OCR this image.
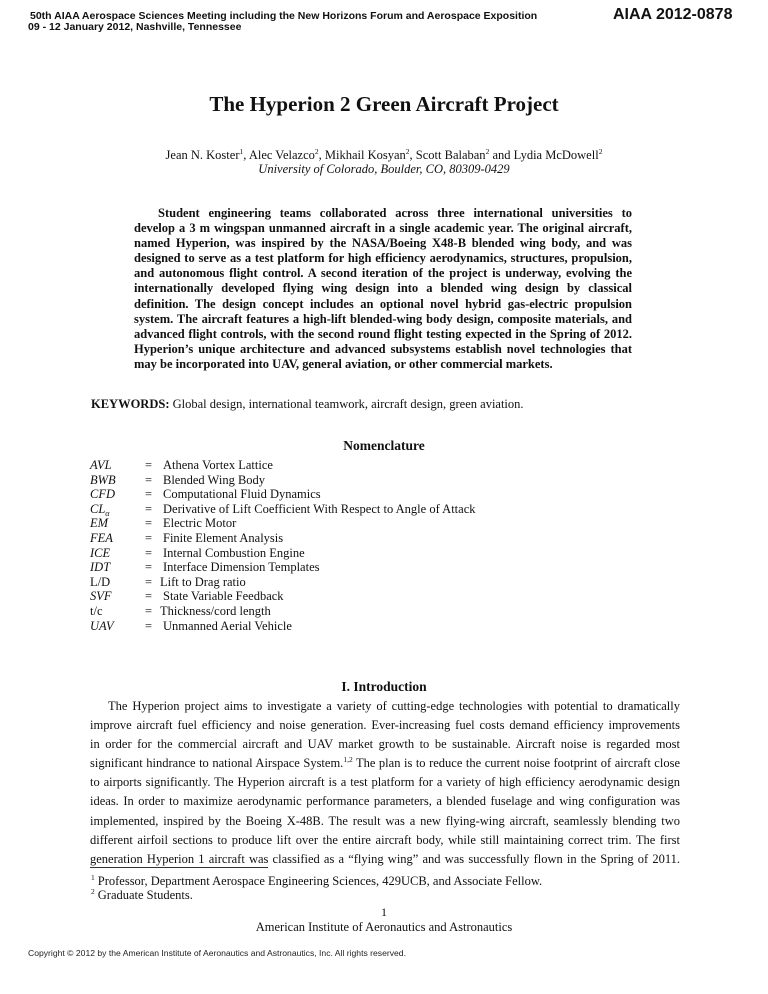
50th AIAA Aerospace Sciences Meeting including the New Horizons Forum and Aerospace Exposition
09 - 12 January 2012, Nashville, Tennessee
AIAA 2012-0878
The Hyperion 2 Green Aircraft Project
Jean N. Koster$^1$, Alec Velazco$^2$, Mikhail Kosyan$^2$, Scott Balaban$^2$ and Lydia McDowell$^2$
University of Colorado, Boulder, CO, 80309-0429
Student engineering teams collaborated across three international universities to
develop a 3 m wingspan unmanned aircraft in a single academic year. The original aircraft,
named Hyperion, was inspired by the NASA/Boeing X48-B blended wing body, and was
designed to serve as a test platform for high efficiency aerodynamics, structures, propulsion,
and autonomous flight control. A second iteration of the project is underway, evolving the
internationally developed flying wing design into a blended wing design by classical
definition. The design concept includes an optional novel hybrid gas-electric propulsion
system. The aircraft features a high-lift blended-wing body design, composite materials, and
advanced flight controls, with the second round flight testing expected in the Spring of 2012.
Hyperion’s unique architecture and advanced subsystems establish novel technologies that
may be incorporated into UAV, general aviation, or other commercial markets.
KEYWORDS: Global design, international teamwork, aircraft design, green aviation.
Nomenclature
AVL	= Athena Vortex Lattice
BWB = Blended Wing Body
CFD = Computational Fluid Dynamics
$CL_\alpha$	= Derivative of Lift Coefficient With Respect to Angle of Attack
EM	= Electric Motor
FEA	= Finite Element Analysis
ICE	= Internal Combustion Engine
IDT	= Interface Dimension Templates
L/D	= Lift to Drag ratio
SVF	= State Variable Feedback
t/c	= Thickness/cord length
UAV	= Unmanned Aerial Vehicle
I. Introduction
The Hyperion project aims to investigate a variety of cutting-edge technologies with potential to dramatically
improve aircraft fuel efficiency and noise generation. Ever-increasing fuel costs demand efficiency improvements
in order for the commercial aircraft and UAV market growth to be sustainable. Aircraft noise is regarded most
significant hindrance to national Airspace System.$^{1,2}$ The plan is to reduce the current noise footprint of aircraft close
to airports significantly. The Hyperion aircraft is a test platform for a variety of high efficiency aerodynamic design
ideas. In order to maximize aerodynamic performance parameters, a blended fuselage and wing configuration was
implemented, inspired by the Boeing X-48B. The result was a new flying-wing aircraft, seamlessly blending two
different airfoil sections to produce lift over the entire aircraft body, while still maintaining correct trim. The first
generation Hyperion 1 aircraft was classified as a “flying wing” and was successfully flown in the Spring of 2011.
$^1$ Professor, Department Aerospace Engineering Sciences, 429UCB, and Associate Fellow.
$^2$ Graduate Students.
1
American Institute of Aeronautics and Astronautics
Copyright © 2012 by the American Institute of Aeronautics and Astronautics, Inc. All rights reserved.
